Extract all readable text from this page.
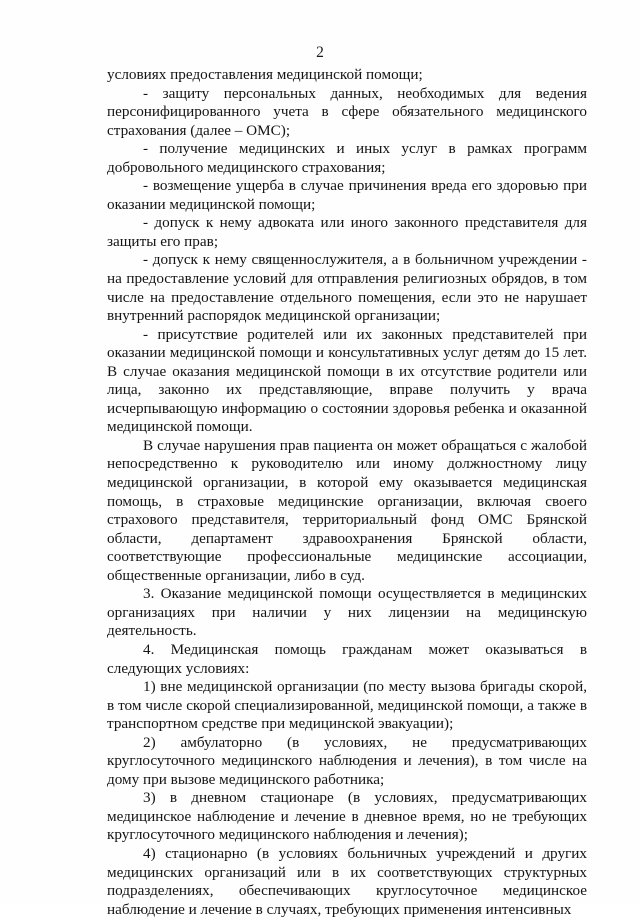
2

условиях предоставления медицинской помощи;

- защиту персональных данных, необходимых для ведения персонифицированного учета в сфере обязательного медицинского страхования (далее – ОМС);

- получение медицинских и иных услуг в рамках программ добровольного медицинского страхования;

- возмещение ущерба в случае причинения вреда его здоровью при оказании медицинской помощи;

- допуск к нему адвоката или иного законного представителя для защиты его прав;

- допуск к нему священнослужителя, а в больничном учреждении - на предоставление условий для отправления религиозных обрядов, в том числе на предоставление отдельного помещения, если это не нарушает внутренний распорядок медицинской организации;

- присутствие родителей или их законных представителей при оказании медицинской помощи и консультативных услуг детям до 15 лет. В случае оказания медицинской помощи в их отсутствие родители или лица, законно их представляющие, вправе получить у врача исчерпывающую информацию о состоянии здоровья ребенка и оказанной медицинской помощи.

В случае нарушения прав пациента он может обращаться с жалобой непосредственно к руководителю или иному должностному лицу медицинской организации, в которой ему оказывается медицинская помощь, в страховые медицинские организации, включая своего страхового представителя, территориальный фонд ОМС Брянской области, департамент здравоохранения Брянской области, соответствующие профессиональные медицинские ассоциации, общественные организации, либо в суд.

3. Оказание медицинской помощи осуществляется в медицинских организациях при наличии у них лицензии на медицинскую деятельность.

4. Медицинская помощь гражданам может оказываться в следующих условиях:

1) вне медицинской организации (по месту вызова бригады скорой, в том числе скорой специализированной, медицинской помощи, а также в транспортном средстве при медицинской эвакуации);

2) амбулаторно (в условиях, не предусматривающих круглосуточного медицинского наблюдения и лечения), в том числе на дому при вызове медицинского работника;

3) в дневном стационаре (в условиях, предусматривающих медицинское наблюдение и лечение в дневное время, но не требующих круглосуточного медицинского наблюдения и лечения);

4) стационарно (в условиях больничных учреждений и других медицинских организаций или в их соответствующих структурных подразделениях, обеспечивающих круглосуточное медицинское наблюдение и лечение в случаях, требующих применения интенсивных
